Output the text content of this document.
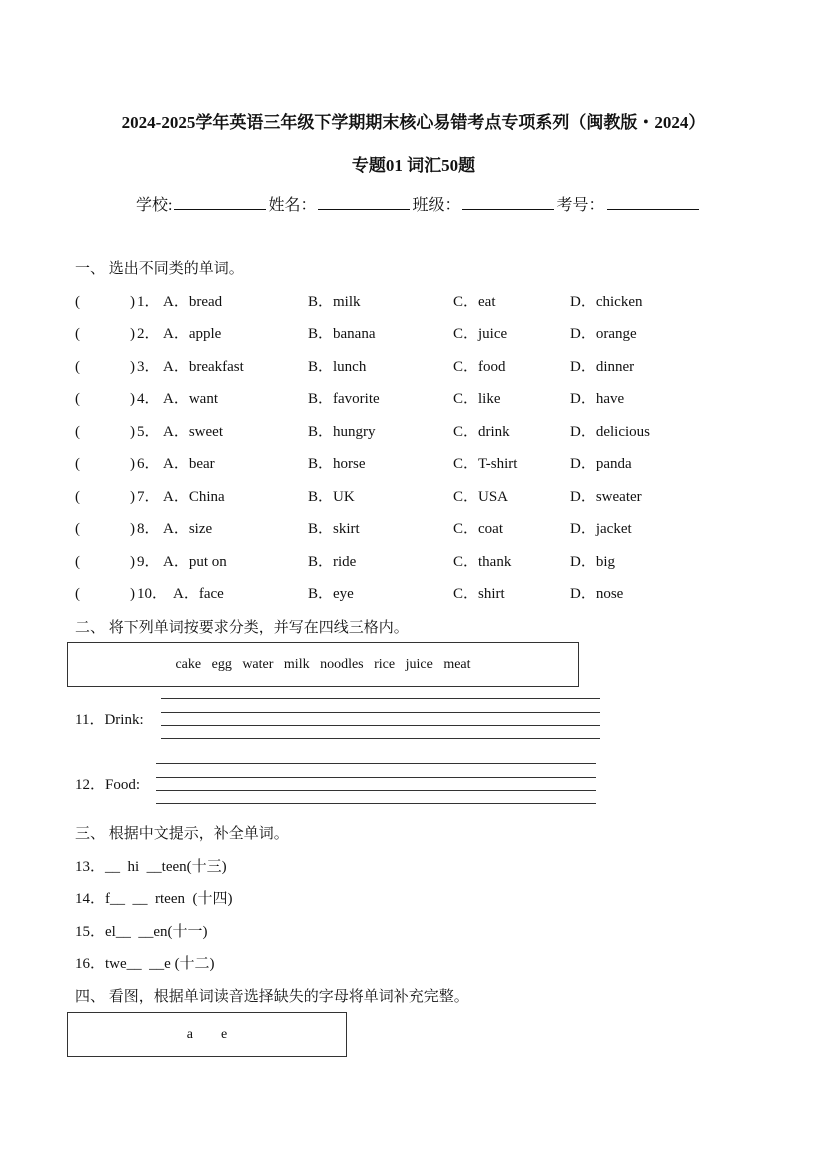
2024-2025学年英语三年级下学期期末核心易错考点专项系列（闽教版・2024）
专题01 词汇50题
学校:	姓名：	班级：	考号：
一、 选出不同类的单词。
(	) 1． A．bread	B．milk	C．eat	D．chicken
(	) 2． A．apple	B．banana	C．juice	D．orange
(	) 3． A．breakfast	B．lunch	C．food	D．dinner
(	) 4． A．want	B．favorite	C．like	D．have
(	) 5． A．sweet	B．hungry	C．drink	D．delicious
(	) 6． A．bear	B．horse	C．T-shirt	D．panda
(	) 7． A．China	B．UK	C．USA	D．sweater
(	) 8． A．size	B．skirt	C．coat	D．jacket
(	) 9． A．put on	B．ride	C．thank	D．big
(	) 10． A．face	B．eye	C．shirt	D．nose
二、 将下列单词按要求分类，并写在四线三格内。
cake   egg   water   milk   noodles   rice   juice   meat
11．Drink:
12．Food:
三、 根据中文提示，补全单词。
13．__  hi  __teen(十三)
14．f__  __  rteen  (十四)
15．el__  __en(十一)
16．twe__  __e (十二)
四、 看图，根据单词读音选择缺失的字母将单词补充完整。
a        e
